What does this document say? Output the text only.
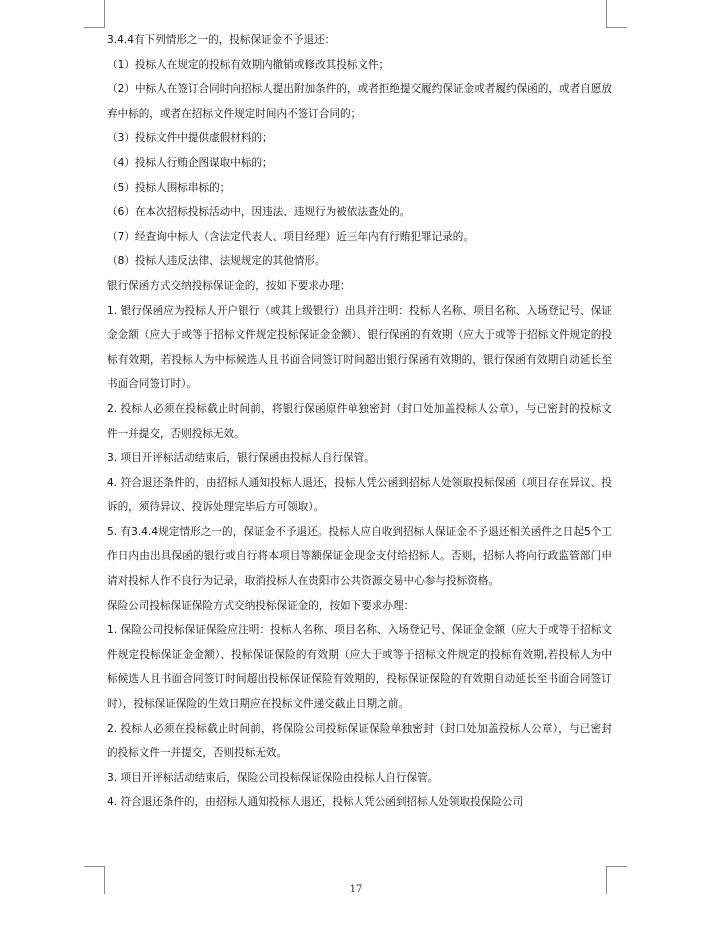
3.4.4有下列情形之一的，投标保证金不予退还：

（1）投标人在规定的投标有效期内撤销或修改其投标文件；

（2）中标人在签订合同时向招标人提出附加条件的，或者拒绝提交履约保证金或者履约保函的，或者自愿放弃中标的，或者在招标文件规定时间内不签订合同的；

（3）投标文件中提供虚假材料的；

（4）投标人行贿企图谋取中标的；

（5）投标人围标串标的；

（6）在本次招标投标活动中，因违法、违规行为被依法查处的。

（7）经查询中标人（含法定代表人、项目经理）近三年内有行贿犯罪记录的。

（8）投标人违反法律、法规规定的其他情形。

银行保函方式交纳投标保证金的，按如下要求办理：

1. 银行保函应为投标人开户银行（或其上级银行）出具并注明：投标人名称、项目名称、入场登记号、保证金金额（应大于或等于招标文件规定投标保证金金额）、银行保函的有效期（应大于或等于招标文件规定的投标有效期，若投标人为中标候选人且书面合同签订时间超出银行保函有效期的，银行保函有效期自动延长至书面合同签订时）。

2. 投标人必须在投标截止时间前，将银行保函原件单独密封（封口处加盖投标人公章），与已密封的投标文件一并提交，否则投标无效。

3. 项目开评标活动结束后，银行保函由投标人自行保管。

4. 符合退还条件的，由招标人通知投标人退还，投标人凭公函到招标人处领取投标保函（项目存在异议、投诉的，须待异议、投诉处理完毕后方可领取）。

5. 有3.4.4规定情形之一的，保证金不予退还。投标人应自收到招标人保证金不予退还相关函件之日起5个工作日内由出具保函的银行或自行将本项目等额保证金现金支付给招标人。否则，招标人将向行政监管部门申请对投标人作不良行为记录，取消投标人在贵阳市公共资源交易中心参与投标资格。

保险公司投标保证保险方式交纳投标保证金的，按如下要求办理：

1. 保险公司投标保证保险应注明：投标人名称、项目名称、入场登记号、保证金金额（应大于或等于招标文件规定投标保证金金额）、投标保证保险的有效期（应大于或等于招标文件规定的投标有效期,若投标人为中标候选人且书面合同签订时间超出投标保证保险有效期的，投标保证保险的有效期自动延长至书面合同签订时），投标保证保险的生效日期应在投标文件递交截止日期之前。

2. 投标人必须在投标截止时间前，将保险公司投标保证保险单独密封（封口处加盖投标人公章），与已密封的投标文件一并提交，否则投标无效。

3. 项目开评标活动结束后，保险公司投标保证保险由投标人自行保管。

4. 符合退还条件的，由招标人通知投标人退还，投标人凭公函到招标人处领取投保险公司

17
